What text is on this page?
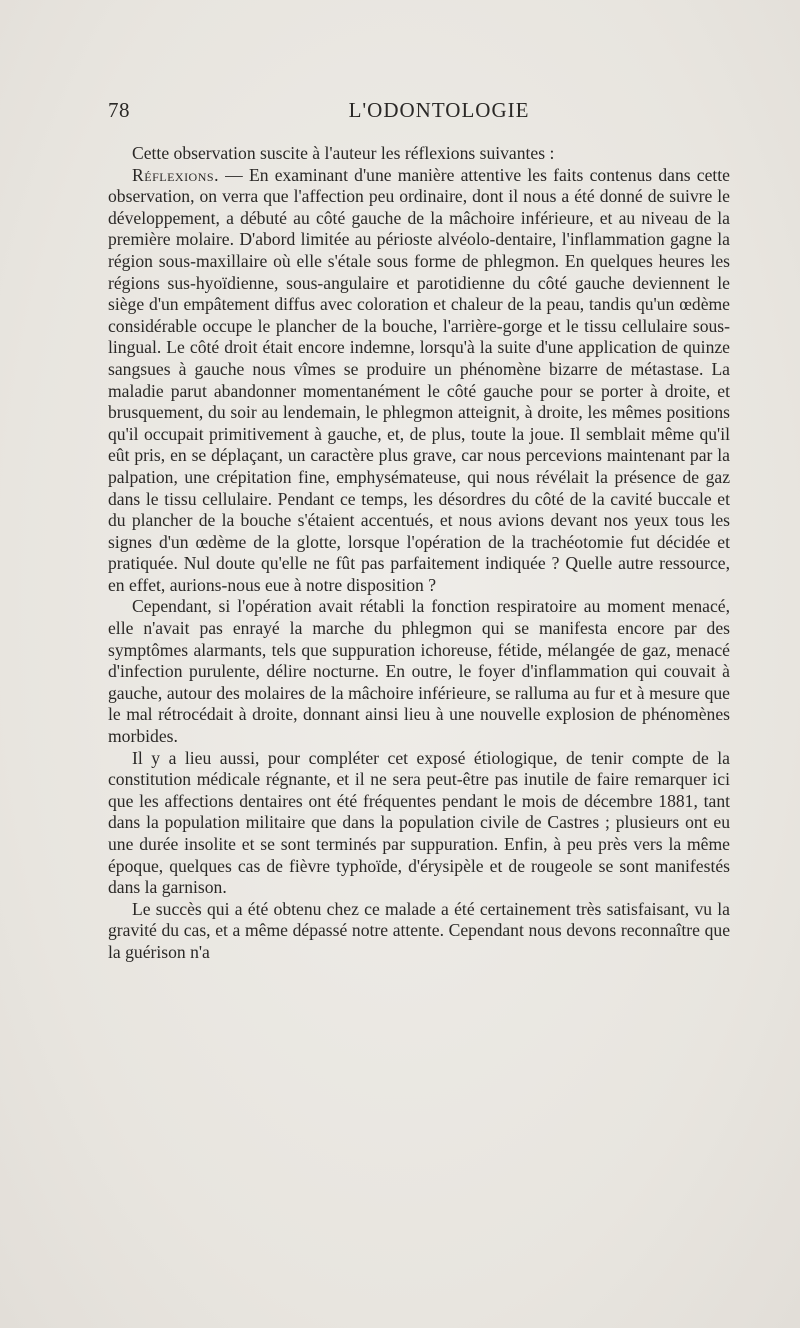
78	L'ODONTOLOGIE

Cette observation suscite à l'auteur les réflexions suivantes :

Réflexions. — En examinant d'une manière attentive les faits contenus dans cette observation, on verra que l'affection peu ordinaire, dont il nous a été donné de suivre le développement, a débuté au côté gauche de la mâchoire inférieure, et au niveau de la première molaire. D'abord limitée au périoste alvéolo-dentaire, l'inflammation gagne la région sous-maxillaire où elle s'étale sous forme de phlegmon. En quelques heures les régions sus-hyoïdienne, sous-angulaire et parotidienne du côté gauche deviennent le siège d'un empâtement diffus avec coloration et chaleur de la peau, tandis qu'un œdème considérable occupe le plancher de la bouche, l'arrière-gorge et le tissu cellulaire sous-lingual. Le côté droit était encore indemne, lorsqu'à la suite d'une application de quinze sangsues à gauche nous vîmes se produire un phénomène bizarre de métastase. La maladie parut abandonner momentanément le côté gauche pour se porter à droite, et brusquement, du soir au lendemain, le phlegmon atteignit, à droite, les mêmes positions qu'il occupait primitivement à gauche, et, de plus, toute la joue. Il semblait même qu'il eût pris, en se déplaçant, un caractère plus grave, car nous percevions maintenant par la palpation, une crépitation fine, emphysémateuse, qui nous révélait la présence de gaz dans le tissu cellulaire. Pendant ce temps, les désordres du côté de la cavité buccale et du plancher de la bouche s'étaient accentués, et nous avions devant nos yeux tous les signes d'un œdème de la glotte, lorsque l'opération de la trachéotomie fut décidée et pratiquée. Nul doute qu'elle ne fût pas parfaitement indiquée ? Quelle autre ressource, en effet, aurions-nous eue à notre disposition ?

Cependant, si l'opération avait rétabli la fonction respiratoire au moment menacé, elle n'avait pas enrayé la marche du phlegmon qui se manifesta encore par des symptômes alarmants, tels que suppuration ichoreuse, fétide, mélangée de gaz, menacé d'infection purulente, délire nocturne. En outre, le foyer d'inflammation qui couvait à gauche, autour des molaires de la mâchoire inférieure, se ralluma au fur et à mesure que le mal rétrocédait à droite, donnant ainsi lieu à une nouvelle explosion de phénomènes morbides.

Il y a lieu aussi, pour compléter cet exposé étiologique, de tenir compte de la constitution médicale régnante, et il ne sera peut-être pas inutile de faire remarquer ici que les affections dentaires ont été fréquentes pendant le mois de décembre 1881, tant dans la population militaire que dans la population civile de Castres ; plusieurs ont eu une durée insolite et se sont terminés par suppuration. Enfin, à peu près vers la même époque, quelques cas de fièvre typhoïde, d'érysipèle et de rougeole se sont manifestés dans la garnison.

Le succès qui a été obtenu chez ce malade a été certainement très satisfaisant, vu la gravité du cas, et a même dépassé notre attente. Cependant nous devons reconnaître que la guérison n'a
